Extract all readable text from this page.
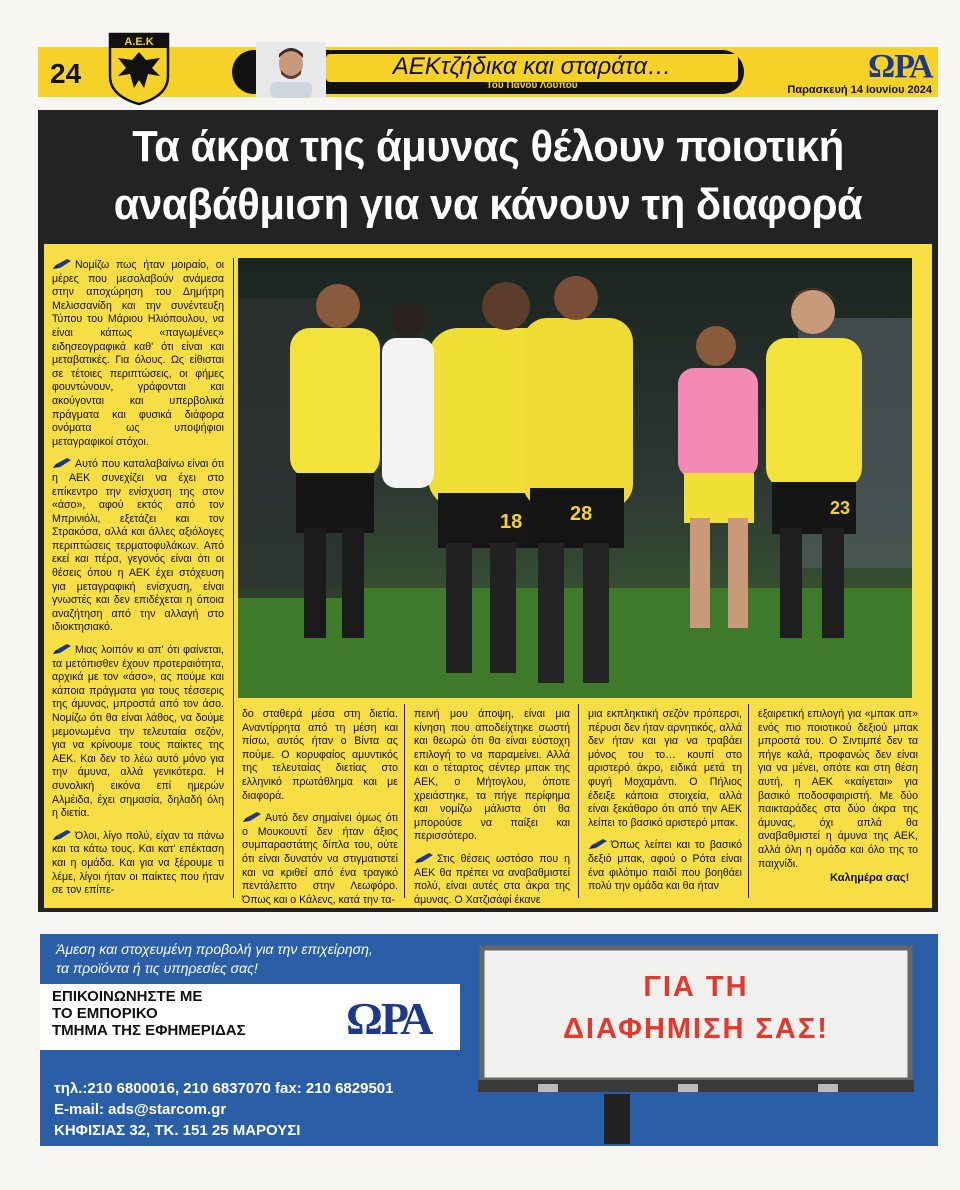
24
Α.Ε.Κ
ΑΕΚτζήδικα και σταράτα…
Του Πάνου Λούπου
ΩΡΑ
Παρασκευή 14 Ιουνίου 2024
Τα άκρα της άμυνας θέλουν ποιοτική
αναβάθμιση για να κάνουν τη διαφορά

Νομίζω πως ήταν μοιραίο, οι μέρες που μεσολαβούν ανάμεσα στην αποχώρηση του Δημήτρη Μελισσανίδη και την συνέντευξη Τύπου του Μάριου Ηλιόπουλου, να είναι κάπως «παγωμένες» ειδησεογραφικά καθ' ότι είναι και μεταβατικές. Για όλους. Ως είθισται σε τέτοιες περιπτώσεις, οι φήμες φουντώνουν, γράφονται και ακούγονται και υπερβολικά πράγματα και φυσικά διάφορα ονόματα ως υποψήφιοι μεταγραφικοί στόχοι.

Αυτό που καταλαβαίνω είναι ότι η ΑΕΚ συνεχίζει να έχει στο επίκεντρο την ενίσχυση της στον «άσο», αφού εκτός από τον Μπρινιόλι, εξετάζει και τον Στρακόσα, αλλά και άλλες αξιόλογες περιπτώσεις τερματοφυλάκων. Από εκεί και πέρα, γεγονός είναι ότι οι θέσεις όπου η ΑΕΚ έχει στόχευση για μεταγραφική ενίσχυση, είναι γνωστές και δεν επιδέχεται η όποια αναζήτηση από την αλλαγή στο ιδιοκτησιακό.

Μιας λοιπόν κι απ' ότι φαίνεται, τα μετόπισθεν έχουν προτεραιότητα, αρχικά με τον «άσο», ας πούμε και κάποια πράγματα για τους τέσσερις της άμυνας, μπροστά από τον άσο. Νομίζω ότι θα είναι λάθος, να δούμε μεμονωμένα την τελευταία σεζόν, για να κρίνουμε τους παίκτες της ΑΕΚ. Και δεν το λέω αυτό μόνο για την άμυνα, αλλά γενικότερα. Η συνολική εικόνα επί ημερών Αλμέιδα, έχει σημασία, δηλαδή όλη η διετία.

Όλοι, λίγο πολύ, είχαν τα πάνω και τα κάτω τους. Και κατ' επέκταση και η ομάδα. Και για να ξέρουμε τι λέμε, λίγοι ήταν οι παίκτες που ήταν σε τον επίπε-

18 28	23

δο σταθερά μέσα στη διετία. Αναντίρρητα από τη μέση και πίσω, αυτός ήταν ο Βίντα ας πούμε. Ο κορυφαίος αμυντικός της τελευταίας διετίας στο ελληνικό πρωτάθλημα και με διαφορά.

Αυτό δεν σημαίνει όμως ότι ο Μουκουντί δεν ήταν άξιος συμπαραστάτης δίπλα του, ούτε ότι είναι δυνατόν να στιγματιστεί και να κριθεί από ένα τραγικό πεντάλεπτο στην Λεωφόρο. Όπως και ο Κάλενς, κατά την τα-

πεινή μου άποψη, είναι μια κίνηση που αποδείχτηκε σωστή και θεωρώ ότι θα είναι εύστοχη επιλογή το να παραμείνει. Αλλά και ο τέταρτος σέντερ μπακ της ΑΕΚ, ο Μήτογλου, όποτε χρειάστηκε, τα πήγε περίφημα και νομίζω μάλιστα ότι θα μπορούσε να παίξει και περισσότερο.

Στις θέσεις ωστόσο που η ΑΕΚ θα πρέπει να αναβαθμιστεί πολύ, είναι αυτές στα άκρα της άμυνας. Ο Χατζισάφί έκανε

μια εκπληκτική σεζόν πρόπερσι, πέρυσι δεν ήταν αρνητικός, αλλά δεν ήταν και για να τραβάει μόνος του το… κουπί στο αριστερό άκρο, ειδικά μετά τη φυγή Μοχαμάντι. Ο Πήλιος έδειξε κάποια στοιχεία, αλλά είναι ξεκάθαρο ότι από την ΑΕΚ λείπει το βασικό αριστερό μπακ.

Όπως λείπει και το βασικό δεξιό μπακ, αφού ο Ρότα είναι ένα φιλότιμο παιδί που βοηθάει πολύ την ομάδα και θα ήταν

εξαιρετική επιλογή για «μπακ απ» ενός πιο ποιοτικού δεξιού μπακ μπροστά του. Ο Σιντιμπέ δεν τα πήγε καλά, προφανώς δεν είναι για να μένει, οπότε και στη θέση αυτή, η ΑΕΚ «καίγεται» για βασικό ποδοσφαιριστή. Με δύο παικταράδες στα δύο άκρα της άμυνας, όχι απλά θα αναβαθμιστεί η άμυνα της ΑΕΚ, αλλά όλη η ομάδα και όλο της το παιχνίδι.

Καλημέρα σας!
Άμεση και στοχευμένη προβολή για την επιχείρηση,
τα προϊόντα ή τις υπηρεσίες σας!
ΕΠΙΚΟΙΝΩΝΗΣΤΕ ΜΕ
ΤΟ ΕΜΠΟΡΙΚΟ
ΤΜΗΜΑ ΤΗΣ ΕΦΗΜΕΡΙΔΑΣ ΩΡΑ
τηλ.:210 6800016, 210 6837070 fax: 210 6829501
E-mail: ads@starcom.gr
ΚΗΦΙΣΙΑΣ 32, ΤΚ. 151 25 ΜΑΡΟΥΣΙ
ΓΙΑ ΤΗ
ΔΙΑΦΗΜΙΣΗ ΣΑΣ!
